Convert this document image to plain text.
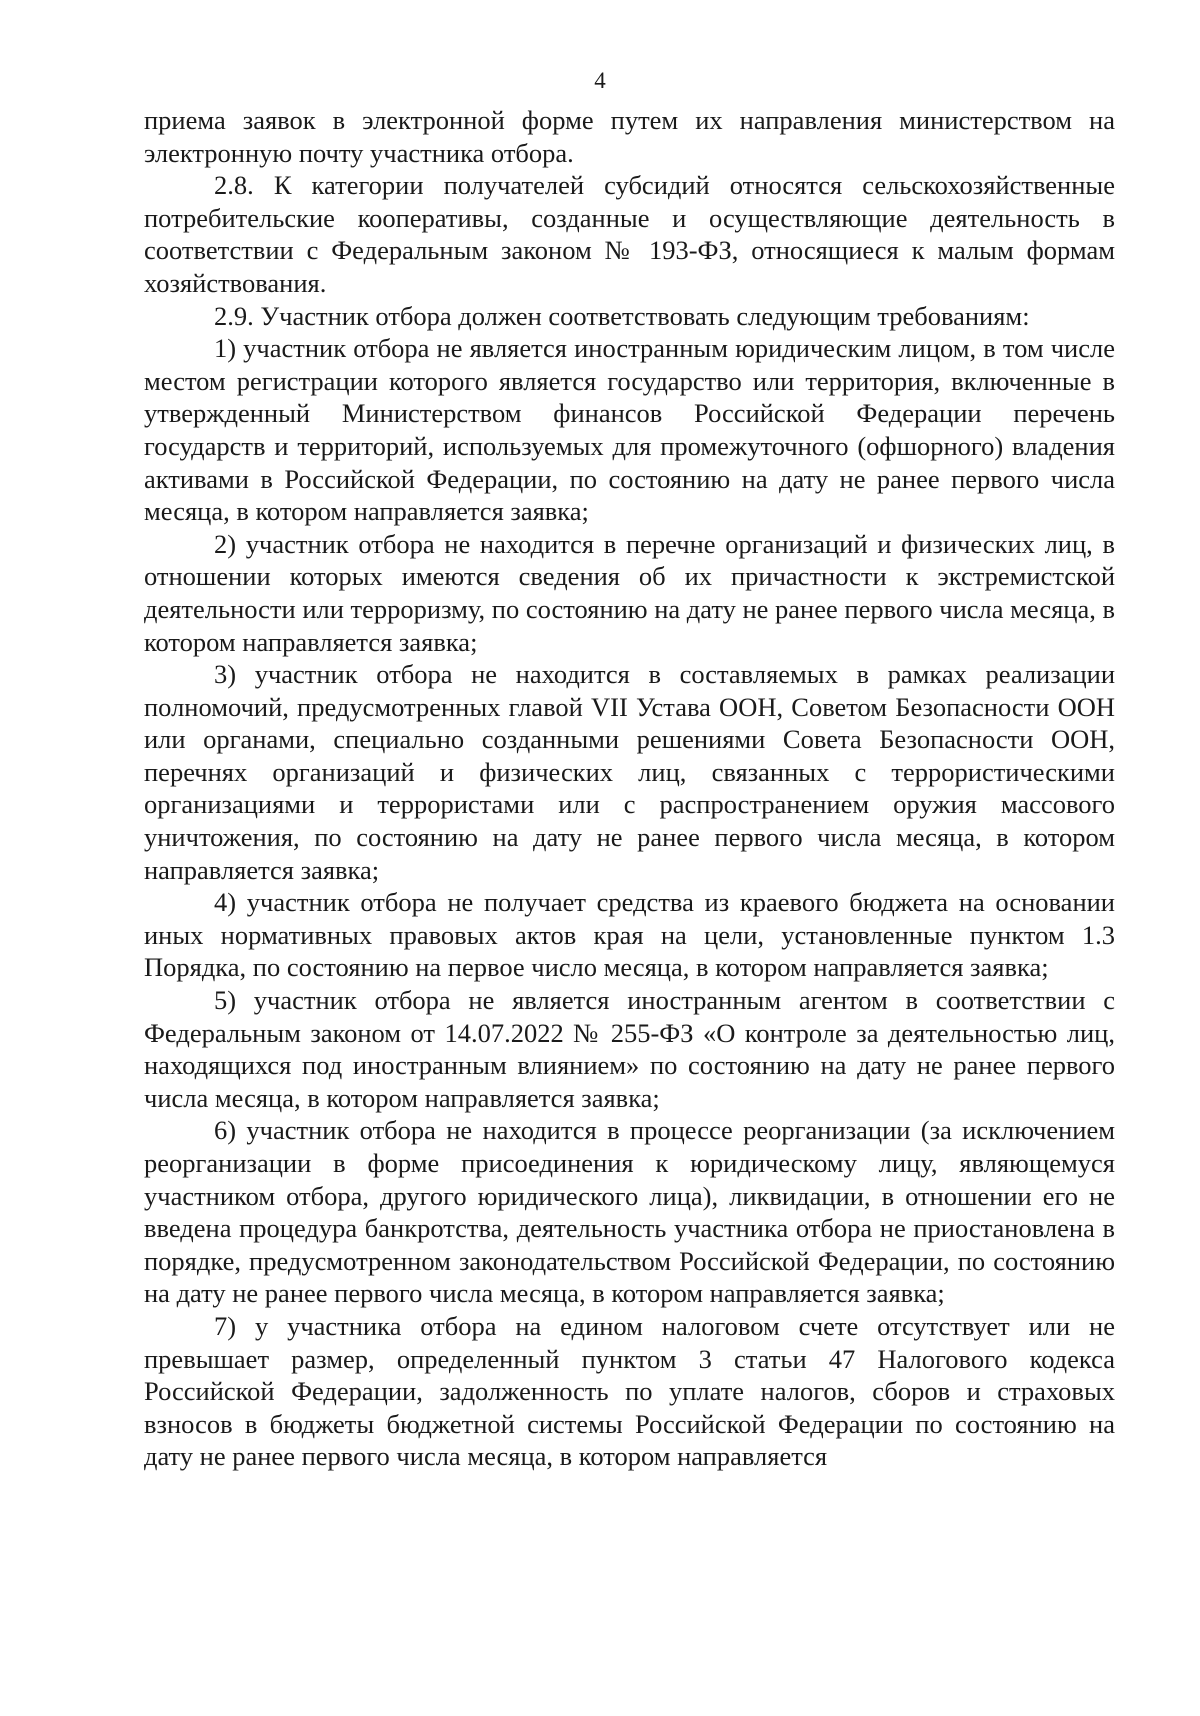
4

приема заявок в электронной форме путем их направления министерством на электронную почту участника отбора.

2.8. К категории получателей субсидий относятся сельскохозяйственные потребительские кооперативы, созданные и осуществляющие деятельность в соответствии с Федеральным законом № 193-ФЗ, относящиеся к малым формам хозяйствования.

2.9. Участник отбора должен соответствовать следующим требованиям:

1) участник отбора не является иностранным юридическим лицом, в том числе местом регистрации которого является государство или территория, включенные в утвержденный Министерством финансов Российской Федерации перечень государств и территорий, используемых для промежуточного (офшорного) владения активами в Российской Федерации, по состоянию на дату не ранее первого числа месяца, в котором направляется заявка;

2) участник отбора не находится в перечне организаций и физических лиц, в отношении которых имеются сведения об их причастности к экстремистской деятельности или терроризму, по состоянию на дату не ранее первого числа месяца, в котором направляется заявка;

3) участник отбора не находится в составляемых в рамках реализации полномочий, предусмотренных главой VII Устава ООН, Советом Безопасности ООН или органами, специально созданными решениями Совета Безопасности ООН, перечнях организаций и физических лиц, связанных с террористическими организациями и террористами или с распространением оружия массового уничтожения, по состоянию на дату не ранее первого числа месяца, в котором направляется заявка;

4) участник отбора не получает средства из краевого бюджета на основании иных нормативных правовых актов края на цели, установленные пунктом 1.3 Порядка, по состоянию на первое число месяца, в котором направляется заявка;

5) участник отбора не является иностранным агентом в соответствии с Федеральным законом от 14.07.2022 № 255-ФЗ «О контроле за деятельностью лиц, находящихся под иностранным влиянием» по состоянию на дату не ранее первого числа месяца, в котором направляется заявка;

6) участник отбора не находится в процессе реорганизации (за исключением реорганизации в форме присоединения к юридическому лицу, являющемуся участником отбора, другого юридического лица), ликвидации, в отношении его не введена процедура банкротства, деятельность участника отбора не приостановлена в порядке, предусмотренном законодательством Российской Федерации, по состоянию на дату не ранее первого числа месяца, в котором направляется заявка;

7) у участника отбора на едином налоговом счете отсутствует или не превышает размер, определенный пунктом 3 статьи 47 Налогового кодекса Российской Федерации, задолженность по уплате налогов, сборов и страховых взносов в бюджеты бюджетной системы Российской Федерации по состоянию на дату не ранее первого числа месяца, в котором направляется
